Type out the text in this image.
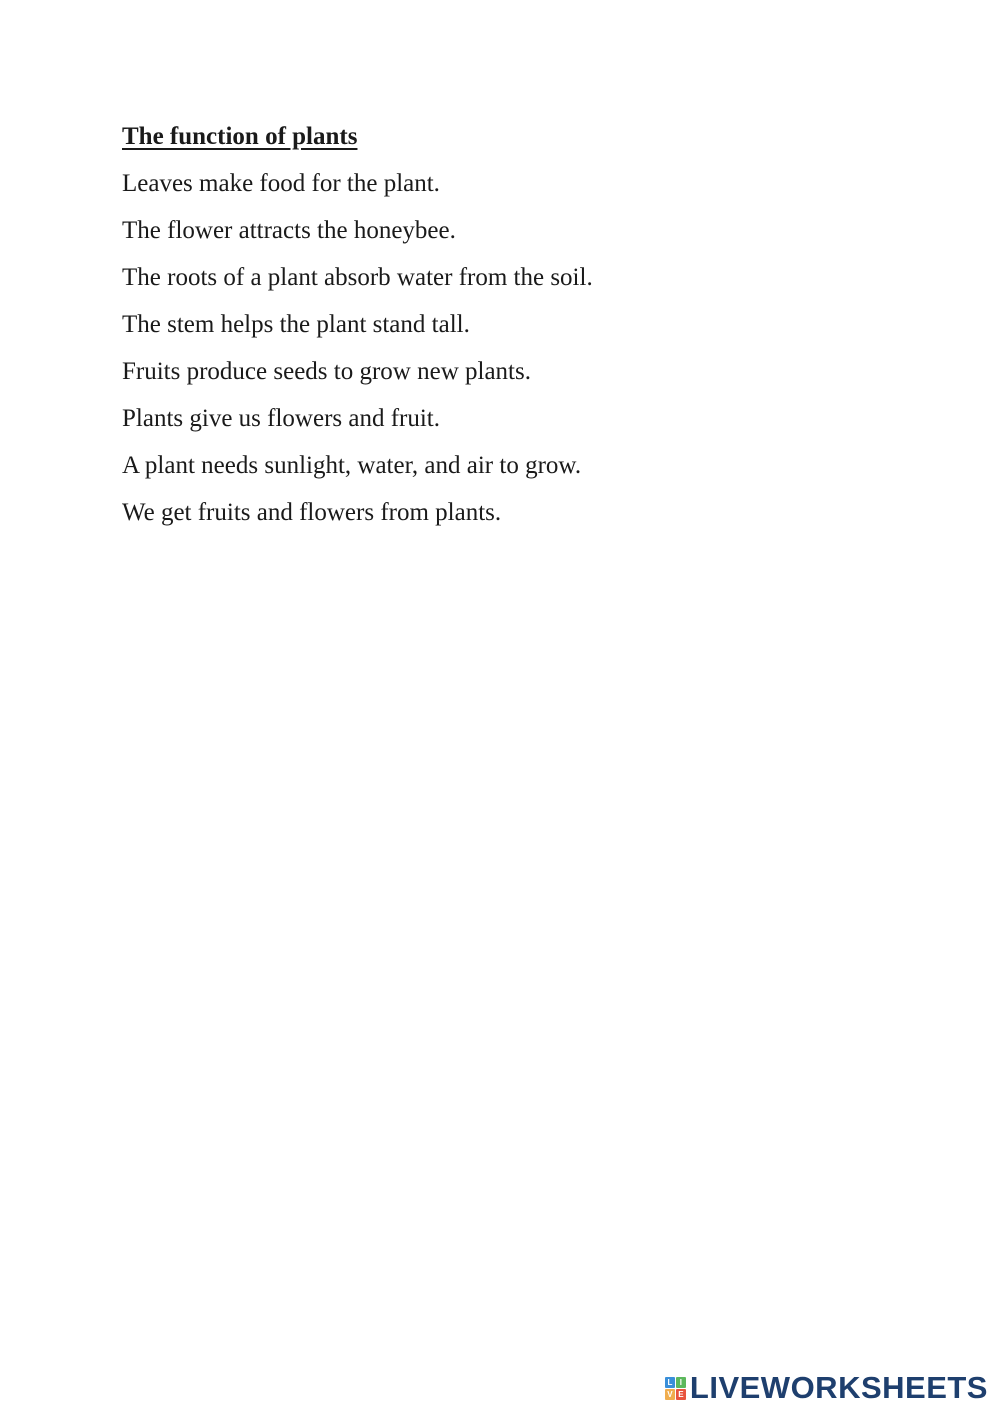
The function of plants
Leaves make food for the plant.
The flower attracts the honeybee.
The roots of a plant absorb water from the soil.
The stem helps the plant stand tall.
Fruits produce seeds to grow new plants.
Plants give us flowers and fruit.
A plant needs sunlight, water, and air to grow.
We get fruits and flowers from plants.
L I
V E LIVEWORKSHEETS
